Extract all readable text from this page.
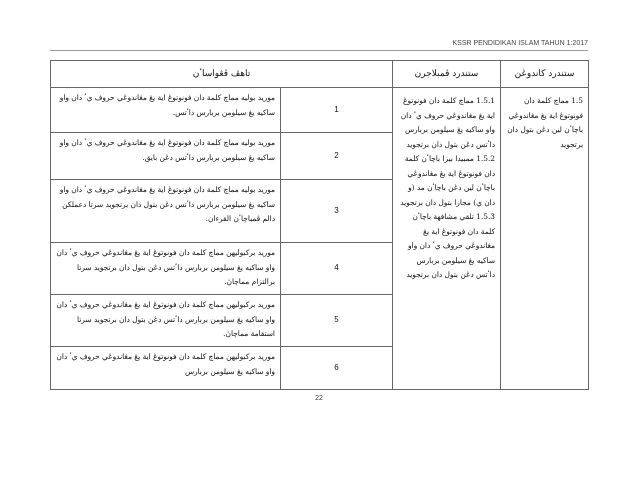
KSSR PENDIDIKAN ISLAM TAHUN 1:2017
ستندرد کاندوڠن	ستندرد ڤمبلاجرن	تاهڤ ڤڠواساٴن	
1.5 مماچ کلمة دان فونوتوڠ اية يڠ مڠاندوڠي باچاٴن لين دڠن بتول دان برتجويد	1.5.1 مماچ کلمة دان فونوتوڠ اية يڠ مڠاندوڠي حروف يٴ دان واو ساکيه يڠ سيلومن بربارس داٴتس دڠن بتول دان برتجويد 1.5.2 ممبيدا بيزا باچاٴن کلمة دان فونوتوڠ اية يڠ مڠاندوڠي باچاٴن لين دڠن باچاٴن مد (و دان ي) مجازا بتول دان برتجويد 1.5.3 تلقي مشافهة باچاٴن کلمة دان فونوتوڠ اية يڠ مڠاندوڠي حروف يٴ دان واو ساکيه يڠ سيلومن بربارس داٴتس دڠن بتول دان برتجويد	1	موريد بوليه مماچ کلمة دان فونوتوڠ اية يڠ مڠاندوڠي حروف يٴ دان واو ساکيه يڠ سيلومن بربارس داٴتس.
		2	موريد بوليه مماچ کلمة دان فونوتوڠ اية يڠ مڠاندوڠي حروف يٴ دان واو ساکيه يڠ سيلومن بربارس داٴتس دڠن بايق.
		3	موريد بوليه مماچ کلمة دان فونوتوڠ اية يڠ مڠاندوڠي حروف يٴ دان واو ساکيه يڠ سيلومن بربارس داٴتس دڠن بتول دان برتجويد سرتا دعملکن دالم ڤمباچاٴن القرءان.
		4	موريد برکبوليهن مماچ کلمة دان فونوتوڠ اية يڠ مڠاندوڠي حروف يٴ دان واو ساکيه يڠ سيلومن بربارس داٴتس دڠن بتول دان برتجويد سرتا برالتزام مماچاڽ.
		5	موريد برکبوليهن مماچ کلمة دان فونوتوڠ اية يڠ مڠاندوڠي حروف يٴ دان واو ساکيه يڠ سيلومن بربارس داٴتس دڠن بتول دان برتجويد سرتا استقامة مماچاڽ.
		6	موريد برکبوليهن مماچ کلمة دان فونوتوڠ اية يڠ مڠاندوڠي حروف يٴ دان واو ساکيه يڠ سيلومن بربارس
22
